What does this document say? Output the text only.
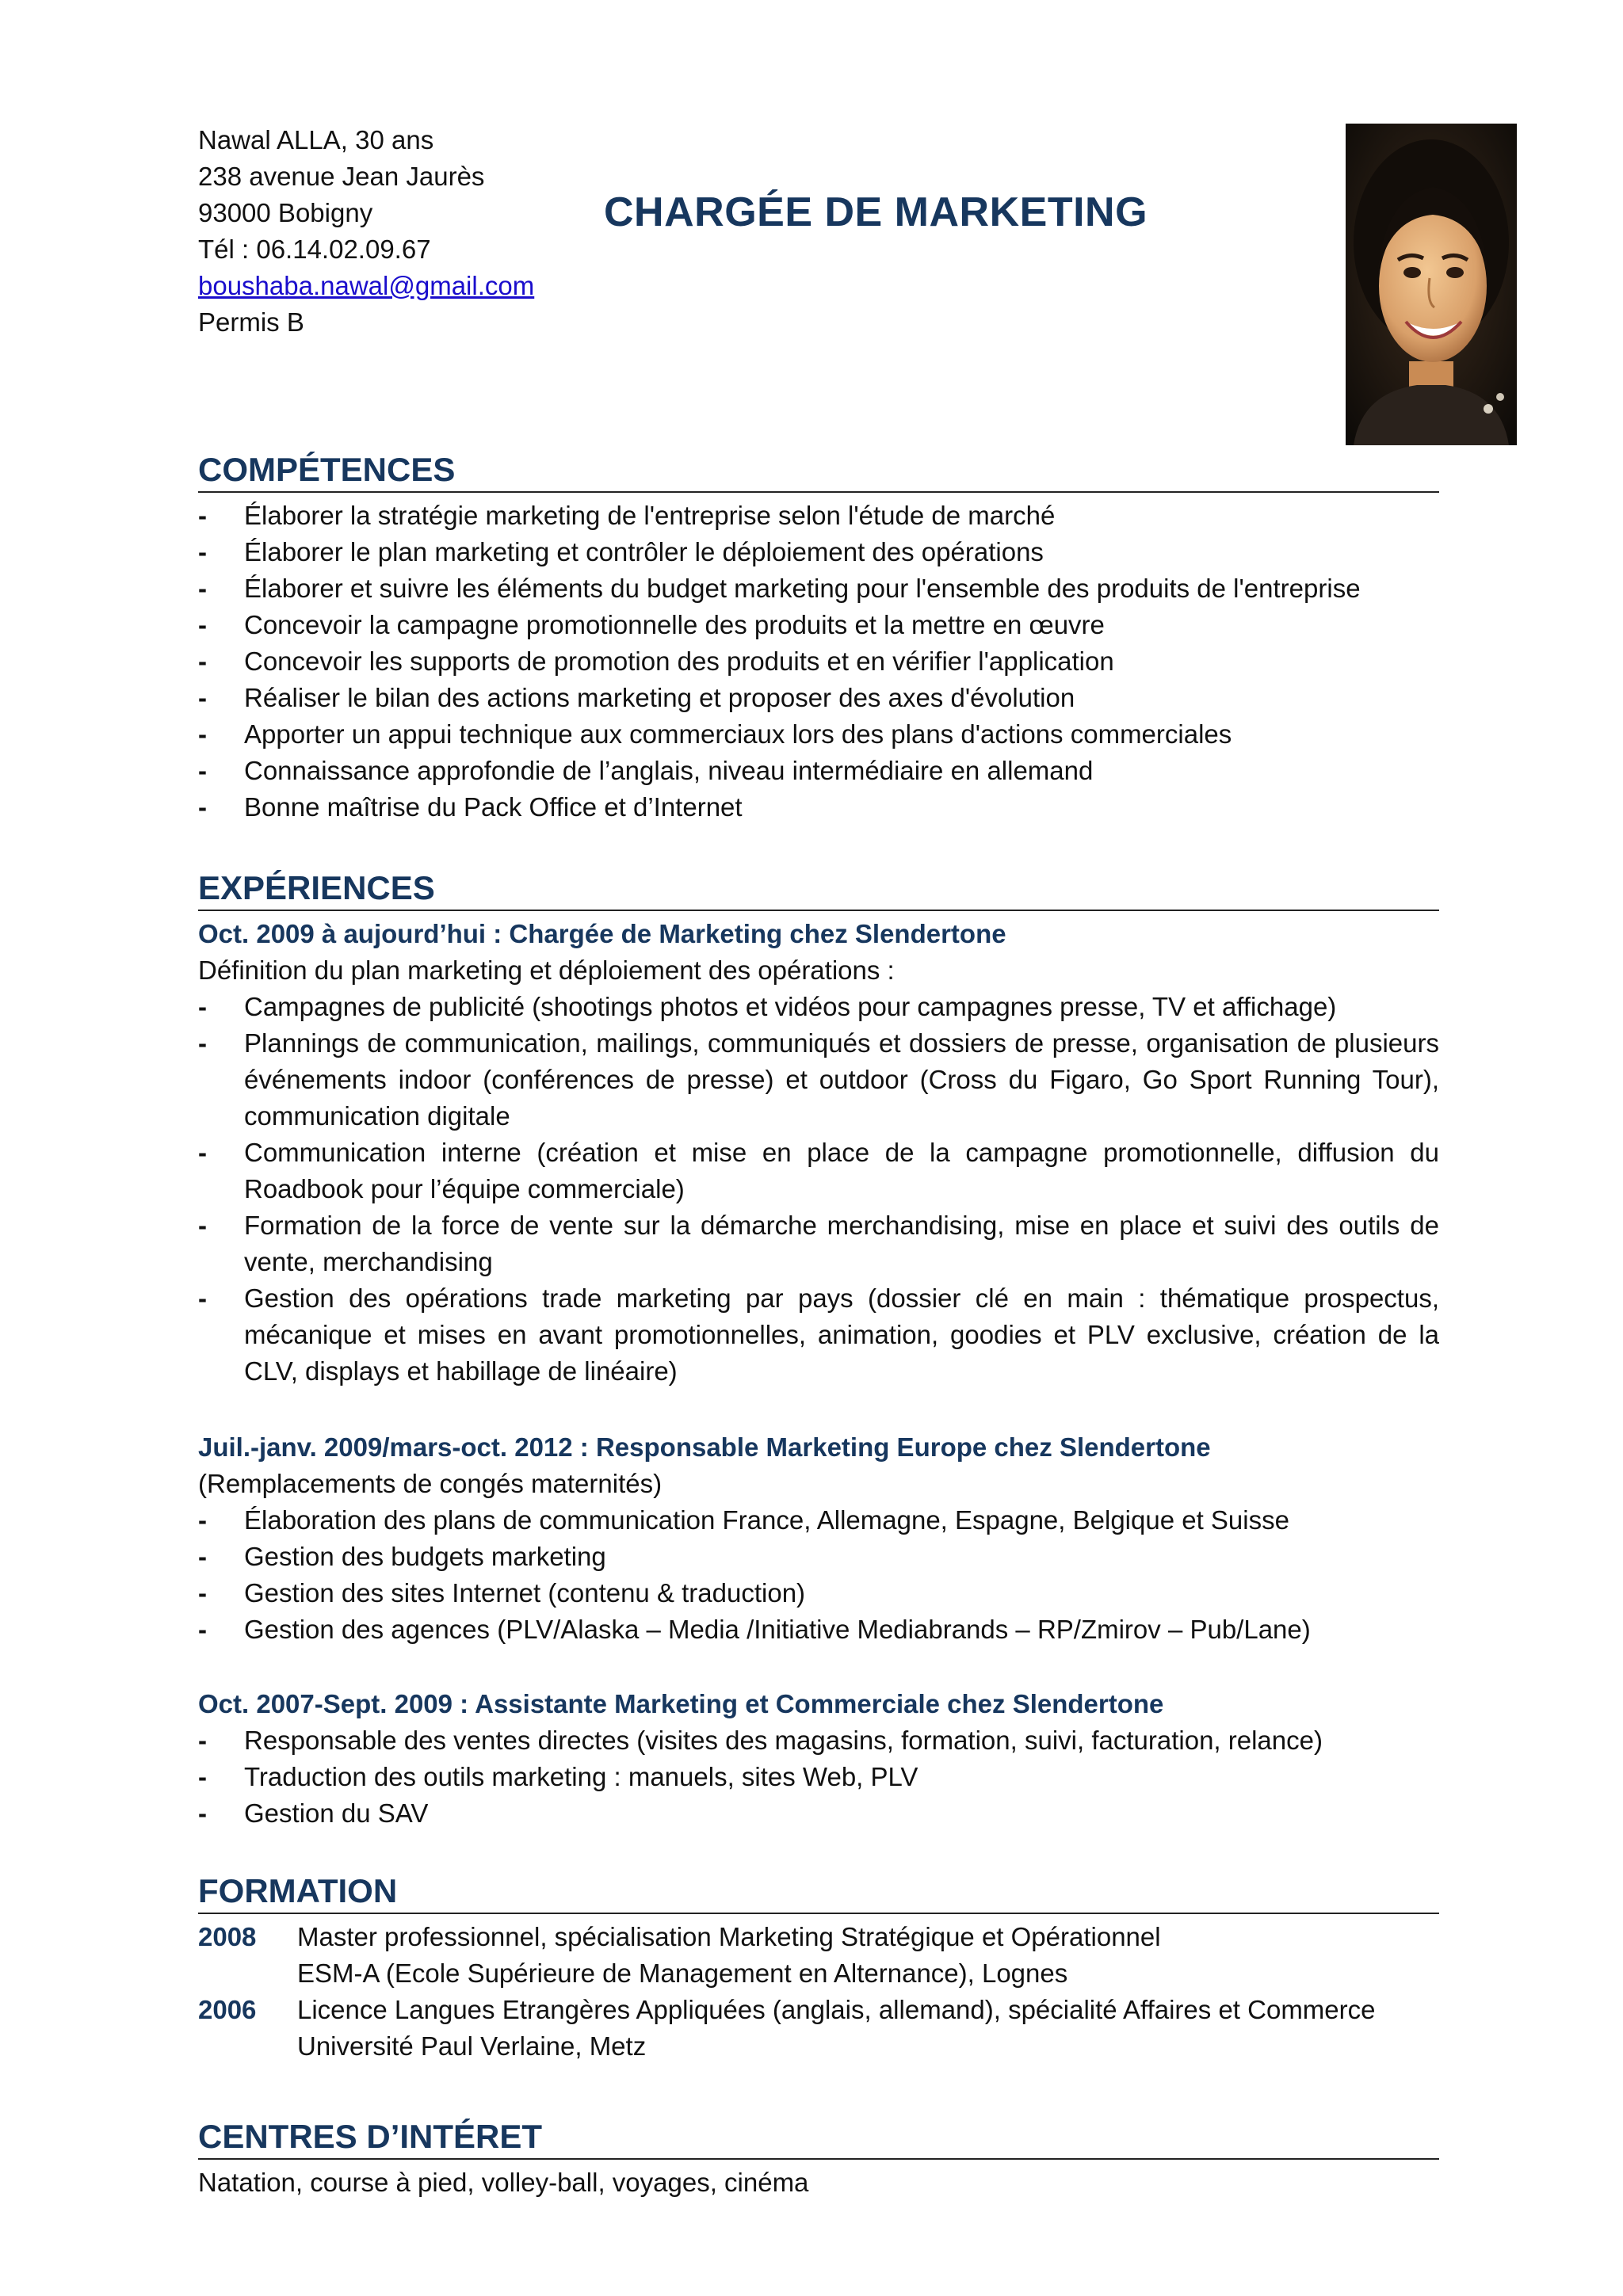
Nawal ALLA, 30 ans
238 avenue Jean Jaurès
93000 Bobigny
Tél : 06.14.02.09.67
boushaba.nawal@gmail.com
Permis B
CHARGÉE DE MARKETING
COMPÉTENCES
- Élaborer la stratégie marketing de l'entreprise selon l'étude de marché
- Élaborer le plan marketing et contrôler le déploiement des opérations
- Élaborer et suivre les éléments du budget marketing pour l'ensemble des produits de l'entreprise
- Concevoir la campagne promotionnelle des produits et la mettre en œuvre
- Concevoir les supports de promotion des produits et en vérifier l'application
- Réaliser le bilan des actions marketing et proposer des axes d'évolution
- Apporter un appui technique aux commerciaux lors des plans d'actions commerciales
- Connaissance approfondie de l’anglais, niveau intermédiaire en allemand
- Bonne maîtrise du Pack Office et d’Internet
EXPÉRIENCES
Oct. 2009 à aujourd’hui : Chargée de Marketing chez Slendertone
Définition du plan marketing et déploiement des opérations :
- Campagnes de publicité (shootings photos et vidéos pour campagnes presse, TV et affichage)
- Plannings de communication, mailings, communiqués et dossiers de presse, organisation de plusieurs événements indoor (conférences de presse) et outdoor (Cross du Figaro, Go Sport Running Tour), communication digitale
- Communication interne (création et mise en place de la campagne promotionnelle, diffusion du Roadbook pour l’équipe commerciale)
- Formation de la force de vente sur la démarche merchandising, mise en place et suivi des outils de vente, merchandising
- Gestion des opérations trade marketing par pays (dossier clé en main : thématique prospectus, mécanique et mises en avant promotionnelles, animation, goodies et PLV exclusive, création de la CLV, displays et habillage de linéaire)
Juil.-janv. 2009/mars-oct. 2012 : Responsable Marketing Europe chez Slendertone
(Remplacements de congés maternités)
- Élaboration des plans de communication France, Allemagne, Espagne, Belgique et Suisse
- Gestion des budgets marketing
- Gestion des sites Internet (contenu & traduction)
- Gestion des agences (PLV/Alaska – Media /Initiative Mediabrands – RP/Zmirov – Pub/Lane)
Oct. 2007-Sept. 2009 : Assistante Marketing et Commerciale chez Slendertone
- Responsable des ventes directes (visites des magasins, formation, suivi, facturation, relance)
- Traduction des outils marketing : manuels, sites Web, PLV
- Gestion du SAV
FORMATION
2008	Master professionnel, spécialisation Marketing Stratégique et Opérationnel
ESM-A (Ecole Supérieure de Management en Alternance), Lognes
2006	Licence Langues Etrangères Appliquées (anglais, allemand), spécialité Affaires et Commerce
Université Paul Verlaine, Metz
CENTRES D’INTÉRET
Natation, course à pied, volley-ball, voyages, cinéma
